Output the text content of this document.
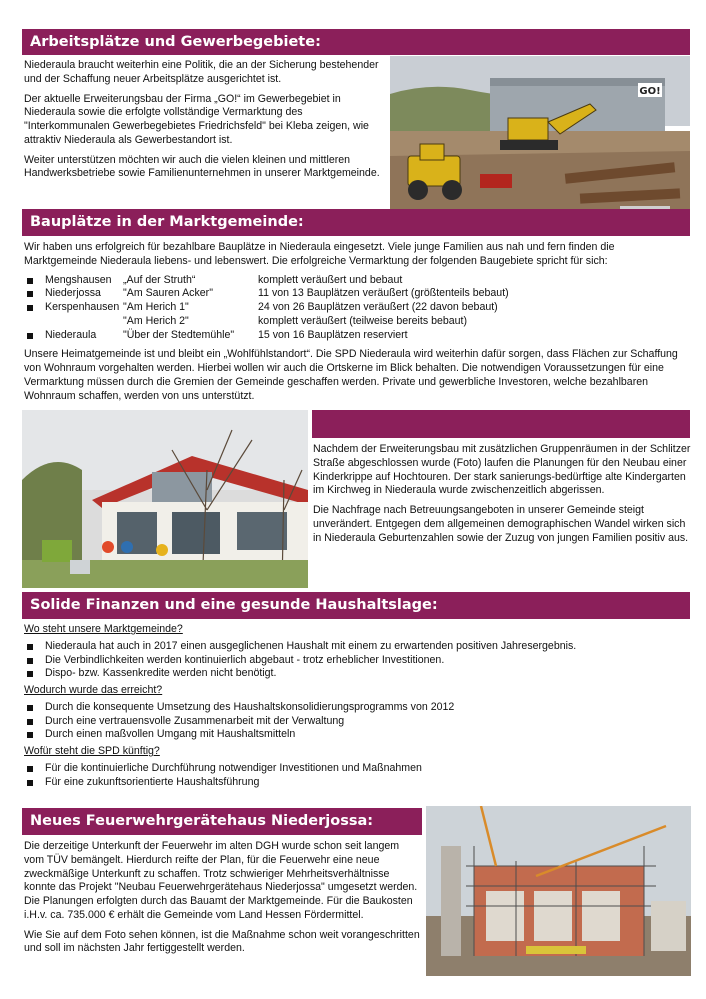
Arbeitsplätze und Gewerbegebiete:

Niederaula braucht weiterhin eine Politik, die an der Sicherung bestehender und der Schaffung neuer Arbeitsplätze ausgerichtet ist.

Der aktuelle Erweiterungsbau der Firma „GO!“ im Gewerbegebiet in Niederaula sowie die erfolgte vollständige Vermarktung des "Interkommunalen Gewerbegebietes Friedrichsfeld" bei Kleba zeigen, wie attraktiv Niederaula als Gewerbestandort ist.

Weiter unterstützen möchten wir auch die vielen kleinen und mittleren Handwerksbetriebe sowie Familienunternehmen in unserer Marktgemeinde.

GO!
Bauplätze in der Marktgemeinde:

Wir haben uns erfolgreich für bezahlbare Bauplätze in Niederaula eingesetzt. Viele junge Familien aus nah und fern finden die Marktgemeinde Niederaula liebens- und lebenswert. Die erfolgreiche Vermarktung der folgenden Baugebiete spricht für sich:

	Mengshausen	„Auf der Struth“	komplett veräußert und bebaut
	Niederjossa	"Am Sauren Acker"	11 von 13 Bauplätzen veräußert (größtenteils bebaut)
	Kerspenhausen	"Am Herich 1"	24 von 26 Bauplätzen veräußert (22 davon bebaut)
		"Am Herich 2"	komplett veräußert (teilweise bereits bebaut)
	Niederaula	"Über der Stedtemühle"	15 von 16 Bauplätzen reserviert

Unsere Heimatgemeinde ist und bleibt ein „Wohlfühlstandort“. Die SPD Niederaula wird weiterhin dafür sorgen, dass Flächen zur Schaffung von Wohnraum vorgehalten werden. Hierbei wollen wir auch die Ortskerne im Blick behalten. Die notwendigen Voraussetzungen für eine Vermarktung müssen durch die Gremien der Gemeinde geschaffen werden. Private und gewerbliche Investoren, welche bezahlbaren Wohnraum schaffen, werden von uns unterstützt.

Nachdem der Erweiterungsbau mit zusätzlichen Gruppenräumen in der Schlitzer Straße abgeschlossen wurde (Foto) laufen die Planungen für den Neubau einer Kinderkrippe auf Hochtouren. Der stark sanierungs-bedürftige alte Kindergarten im Kirchweg in Niederaula wurde zwischenzeitlich abgerissen.

Die Nachfrage nach Betreuungsangeboten in unserer Gemeinde steigt unverändert. Entgegen dem allgemeinen demographischen Wandel wirken sich in Niederaula Geburtenzahlen sowie der Zuzug von jungen Familien positiv aus.

Solide Finanzen und eine gesunde Haushaltslage:
Wo steht unsere Marktgemeinde?
Niederaula hat auch in 2017 einen ausgeglichenen Haushalt mit einem zu erwartenden positiven Jahresergebnis.
Die Verbindlichkeiten werden kontinuierlich abgebaut - trotz erheblicher Investitionen.
Dispo- bzw. Kassenkredite werden nicht benötigt.
Wodurch wurde das erreicht?
Durch die konsequente Umsetzung des Haushaltskonsolidierungsprogramms von 2012
Durch eine vertrauensvolle Zusammenarbeit mit der Verwaltung
Durch einen maßvollen Umgang mit Haushaltsmitteln
Wofür steht die SPD künftig?
Für die kontinuierliche Durchführung notwendiger Investitionen und Maßnahmen
Für eine zukunftsorientierte Haushaltsführung
Neues Feuerwehrgerätehaus Niederjossa:

Die derzeitige Unterkunft der Feuerwehr im alten DGH wurde schon seit langem vom TÜV bemängelt. Hierdurch reifte der Plan, für die Feuerwehr eine neue zweckmäßige Unterkunft zu schaffen. Trotz schwieriger Mehrheitsverhältnisse konnte das Projekt "Neubau Feuerwehrgerätehaus Niederjossa" umgesetzt werden. Die Planungen erfolgten durch das Bauamt der Marktgemeinde. Für die Baukosten i.H.v. ca. 735.000 € erhält die Gemeinde vom Land Hessen Fördermittel.

Wie Sie auf dem Foto sehen können, ist die Maßnahme schon weit vorangeschritten und soll im nächsten Jahr fertiggestellt werden.
